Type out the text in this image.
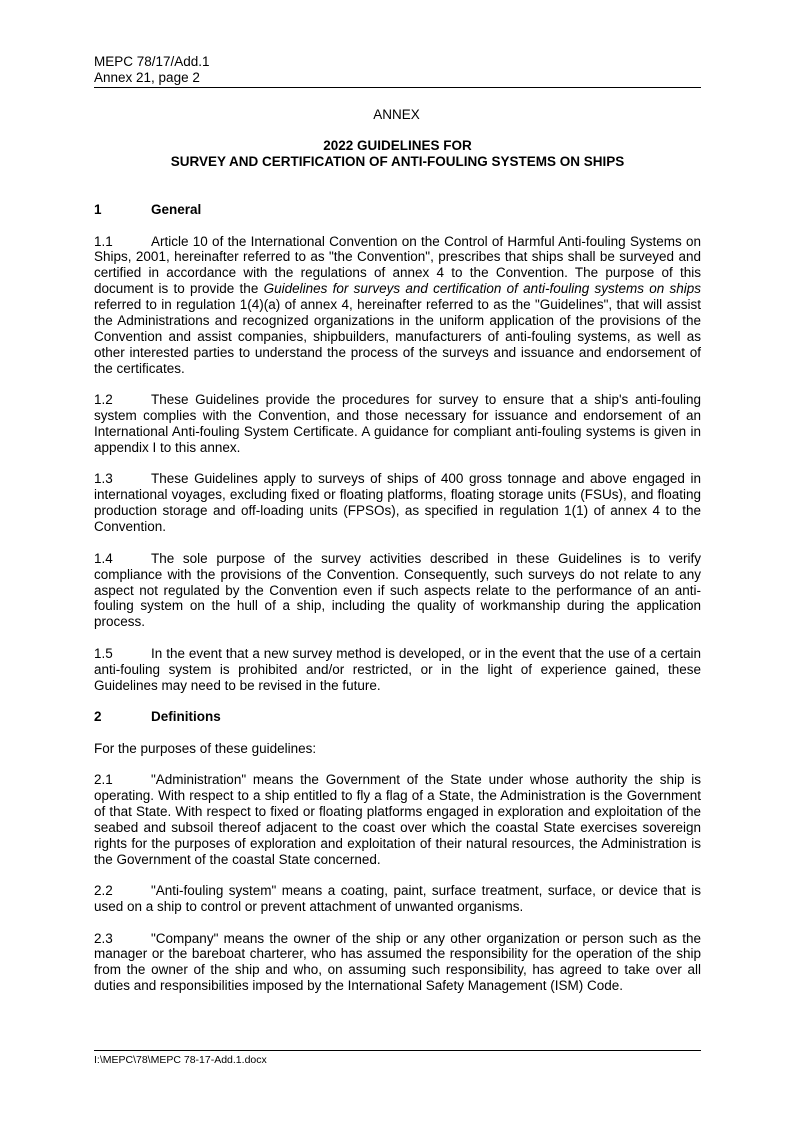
MEPC 78/17/Add.1
Annex 21, page 2
ANNEX
2022 GUIDELINES FOR
SURVEY AND CERTIFICATION OF ANTI-FOULING SYSTEMS ON SHIPS
1	General

1.1	Article 10 of the International Convention on the Control of Harmful Anti-fouling Systems on Ships, 2001, hereinafter referred to as "the Convention", prescribes that ships shall be surveyed and certified in accordance with the regulations of annex 4 to the Convention. The purpose of this document is to provide the Guidelines for surveys and certification of anti-fouling systems on ships referred to in regulation 1(4)(a) of annex 4, hereinafter referred to as the "Guidelines", that will assist the Administrations and recognized organizations in the uniform application of the provisions of the Convention and assist companies, shipbuilders, manufacturers of anti-fouling systems, as well as other interested parties to understand the process of the surveys and issuance and endorsement of the certificates.

1.2	These Guidelines provide the procedures for survey to ensure that a ship's anti-fouling system complies with the Convention, and those necessary for issuance and endorsement of an International Anti-fouling System Certificate. A guidance for compliant anti-fouling systems is given in appendix I to this annex.

1.3	These Guidelines apply to surveys of ships of 400 gross tonnage and above engaged in international voyages, excluding fixed or floating platforms, floating storage units (FSUs), and floating production storage and off-loading units (FPSOs), as specified in regulation 1(1) of annex 4 to the Convention.

1.4	The sole purpose of the survey activities described in these Guidelines is to verify compliance with the provisions of the Convention. Consequently, such surveys do not relate to any aspect not regulated by the Convention even if such aspects relate to the performance of an anti-fouling system on the hull of a ship, including the quality of workmanship during the application process.

1.5	In the event that a new survey method is developed, or in the event that the use of a certain anti-fouling system is prohibited and/or restricted, or in the light of experience gained, these Guidelines may need to be revised in the future.

2	Definitions

For the purposes of these guidelines:

2.1	"Administration" means the Government of the State under whose authority the ship is operating. With respect to a ship entitled to fly a flag of a State, the Administration is the Government of that State. With respect to fixed or floating platforms engaged in exploration and exploitation of the seabed and subsoil thereof adjacent to the coast over which the coastal State exercises sovereign rights for the purposes of exploration and exploitation of their natural resources, the Administration is the Government of the coastal State concerned.

2.2	"Anti-fouling system" means a coating, paint, surface treatment, surface, or device that is used on a ship to control or prevent attachment of unwanted organisms.

2.3	"Company" means the owner of the ship or any other organization or person such as the manager or the bareboat charterer, who has assumed the responsibility for the operation of the ship from the owner of the ship and who, on assuming such responsibility, has agreed to take over all duties and responsibilities imposed by the International Safety Management (ISM) Code.

I:\MEPC\78\MEPC 78-17-Add.1.docx
